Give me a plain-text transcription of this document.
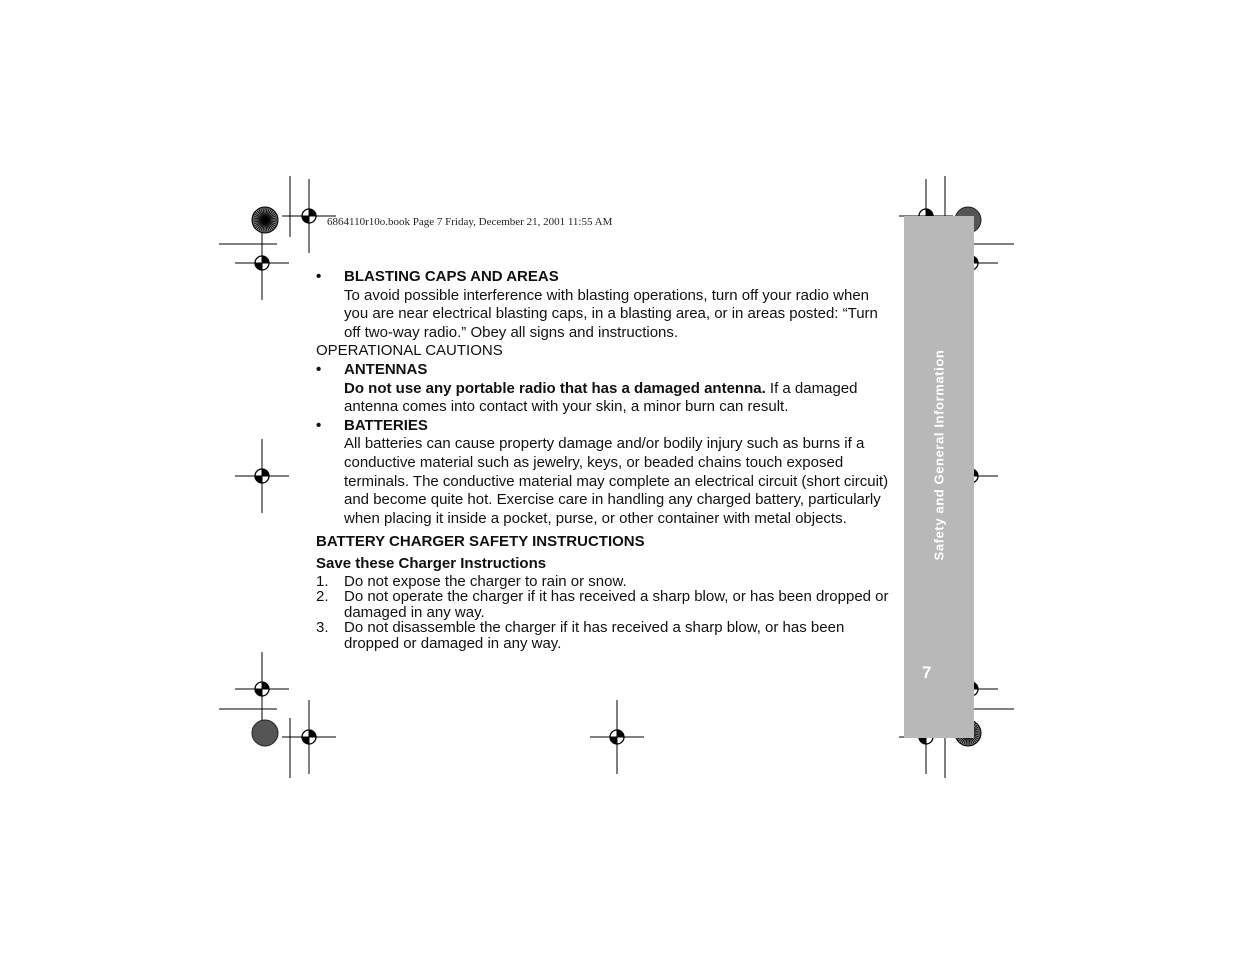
Safety and General Information
7
6864110r10o.book Page 7 Friday, December 21, 2001 11:55 AM

• BLASTING CAPS AND AREAS

To avoid possible interference with blasting operations, turn off your radio when you are near electrical blasting caps, in a blasting area, or in areas posted: “Turn off two-way radio.” Obey all signs and instructions.

OPERATIONAL CAUTIONS

• ANTENNAS

Do not use any portable radio that has a damaged antenna. If a damaged antenna comes into contact with your skin, a minor burn can result.

• BATTERIES

All batteries can cause property damage and/or bodily injury such as burns if a conductive material such as jewelry, keys, or beaded chains touch exposed terminals. The conductive material may complete an electrical circuit (short circuit) and become quite hot. Exercise care in handling any charged battery, particularly when placing it inside a pocket, purse, or other container with metal objects.

BATTERY CHARGER SAFETY INSTRUCTIONS

Save these Charger Instructions

1. Do not expose the charger to rain or snow.

2. Do not operate the charger if it has received a sharp blow, or has been dropped or damaged in any way.

3. Do not disassemble the charger if it has received a sharp blow, or has been dropped or damaged in any way.
